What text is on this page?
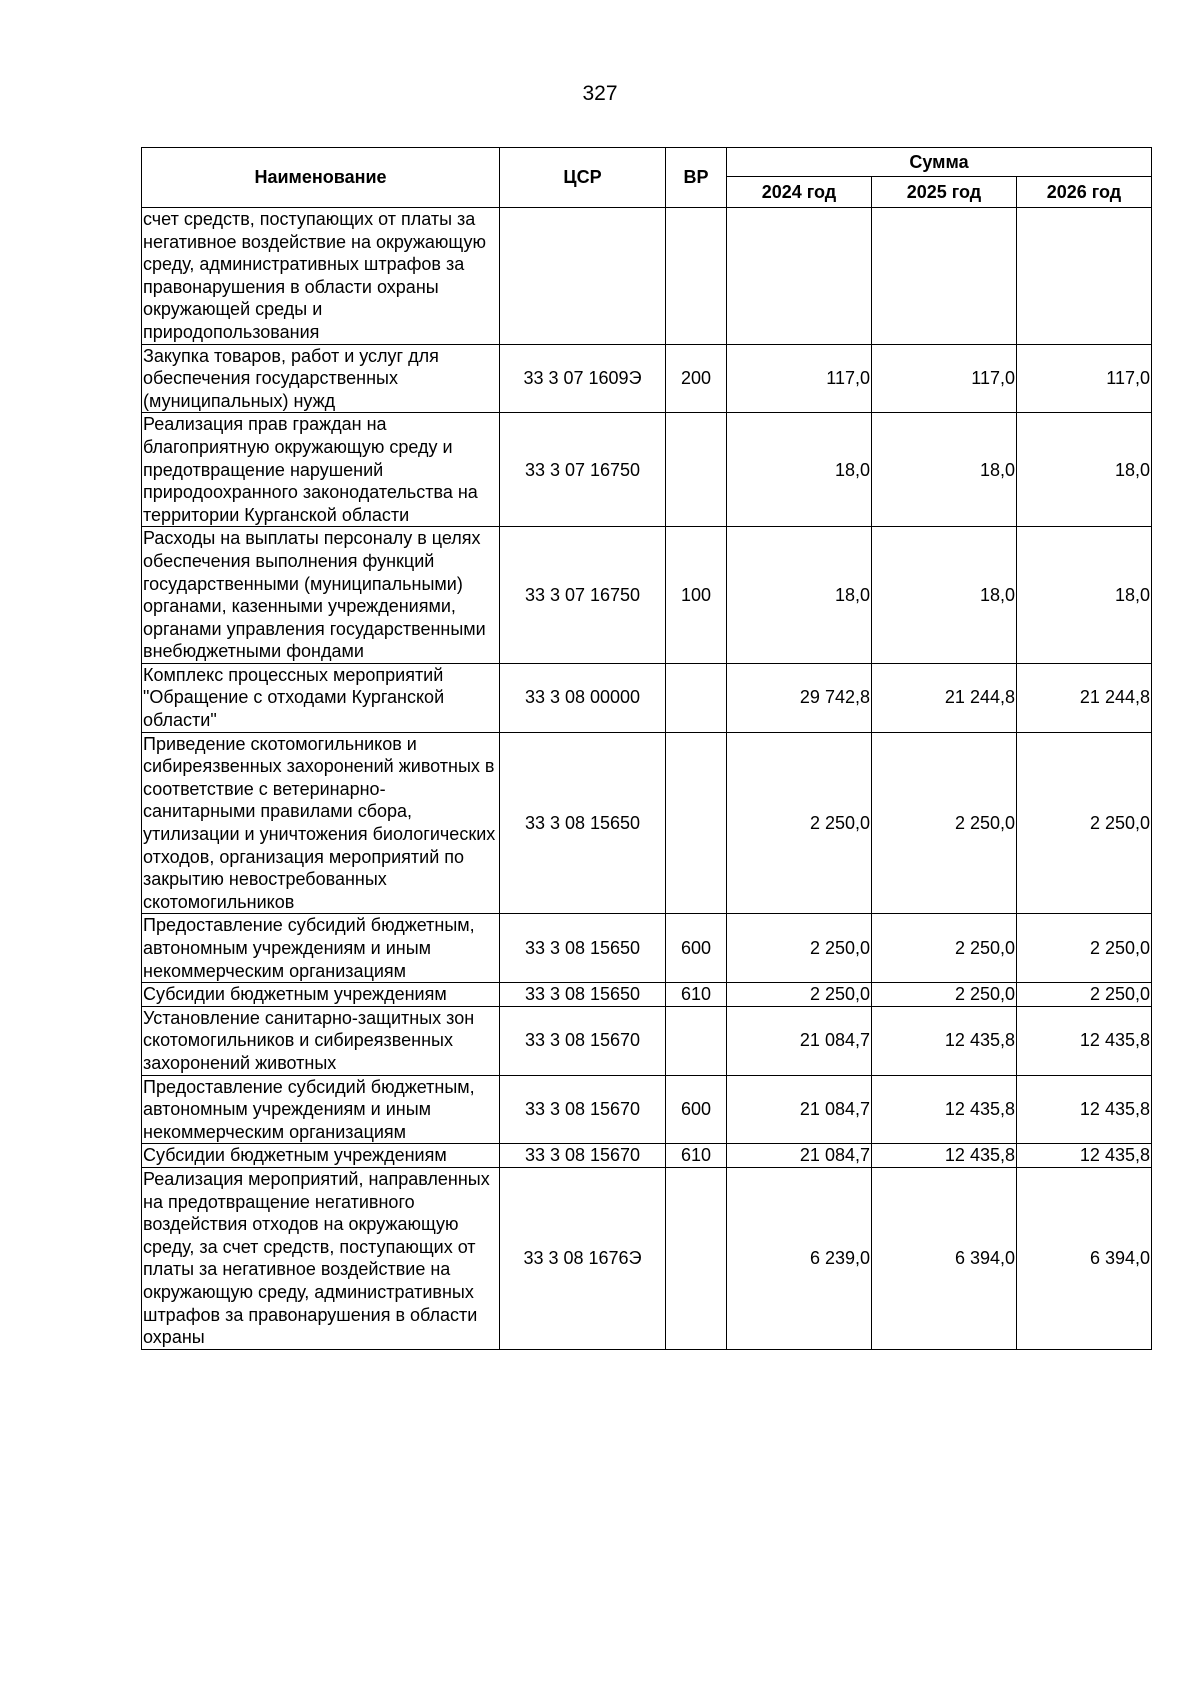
327
Наименование	ЦСР	ВР	Сумма		
			2024 год	2025 год	2026 год
счет средств, поступающих от платы за негативное воздействие на окружающую среду, административных штрафов за правонарушения в области охраны окружающей среды и природопользования					
Закупка товаров, работ и услуг для обеспечения государственных (муниципальных) нужд	33 3 07 1609Э	200	117,0	117,0	117,0
Реализация прав граждан на благоприятную окружающую среду и предотвращение нарушений природоохранного законодательства на территории Курганской области	33 3 07 16750		18,0	18,0	18,0
Расходы на выплаты персоналу в целях обеспечения выполнения функций государственными (муниципальными) органами, казенными учреждениями, органами управления государственными внебюджетными фондами	33 3 07 16750	100	18,0	18,0	18,0
Комплекс процессных мероприятий "Обращение с отходами Курганской области"	33 3 08 00000		29 742,8	21 244,8	21 244,8
Приведение скотомогильников и сибиреязвенных захоронений животных в соответствие с ветеринарно-санитарными правилами сбора, утилизации и уничтожения биологических отходов, организация мероприятий по закрытию невостребованных скотомогильников	33 3 08 15650		2 250,0	2 250,0	2 250,0
Предоставление субсидий бюджетным, автономным учреждениям и иным некоммерческим организациям	33 3 08 15650	600	2 250,0	2 250,0	2 250,0
Субсидии бюджетным учреждениям	33 3 08 15650	610	2 250,0	2 250,0	2 250,0
Установление санитарно-защитных зон скотомогильников и сибиреязвенных захоронений животных	33 3 08 15670		21 084,7	12 435,8	12 435,8
Предоставление субсидий бюджетным, автономным учреждениям и иным некоммерческим организациям	33 3 08 15670	600	21 084,7	12 435,8	12 435,8
Субсидии бюджетным учреждениям	33 3 08 15670	610	21 084,7	12 435,8	12 435,8
Реализация мероприятий, направленных на предотвращение негативного воздействия отходов на окружающую среду, за счет средств, поступающих от платы за негативное воздействие на окружающую среду, административных штрафов за правонарушения в области охраны	33 3 08 1676Э		6 239,0	6 394,0	6 394,0
